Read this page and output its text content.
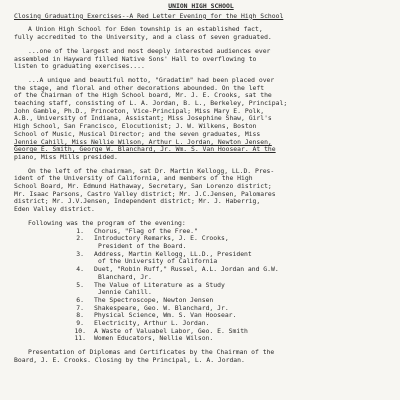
UNION HIGH SCHOOL
Closing Graduating Exercises--A Red Letter Evening for the High School

A Union High School for Eden township is an established fact,
fully accredited to the University, and a class of seven graduated.

...one of the largest and most deeply interested audiences ever
assembled in Hayward filled Native Sons' Hall to overflowing to
listen to graduating exercises....

...A unique and beautiful motto, "Gradatim" had been placed over
the stage, and floral and other decorations abounded. On the left
of the Chairman of the High School board, Mr. J. E. Crooks, sat the
teaching staff, consisting of L. A. Jordan, B. L., Berkeley, Principal;
John Gamble, Ph.D., Princeton, Vice-Principal; Miss Mary E. Polk,
A.B., University of Indiana, Assistant; Miss Josephine Shaw, Girl's
High School, San Francisco, Elocutionist; J. W. Wilkens, Boston
School of Music, Musical Director; and the seven graduates, Miss
Jennie Cahill, Miss Nellie Wilson, Arthur L. Jordan, Newton Jensen,
George E. Smith, George W. Blanchard, Jr. Wm. S. Van Hoosear. At the
piano, Miss Mills presided.

On the left of the chairman, sat Dr. Martin Kellogg, LL.D. Pres-
ident of the University of California, and members of the High
School Board, Mr. Edmund Hathaway, Secretary, San Lorenzo district;
Mr. Isaac Parsons, Castro Valley district; Mr. J.C.Jensen, Palomares
district; Mr. J.V.Jensen, Independent district; Mr. J. Haberrig,
Eden Valley district.

Following was the program of the evening:
1. Chorus, "Flag of the Free."
2. Introductory Remarks, J. E. Crooks,
President of the Board.
3. Address, Martin Kellogg, LL.D., President
of the University of California
4. Duet, "Robin Ruff," Russel, A.L. Jordan and G.W.
Blanchard, Jr.
5. The Value of Literature as a Study
Jennie Cahill.
6. The Spectroscope, Newton Jensen
7. Shakespeare, Geo. W. Blanchard, Jr.
8. Physical Science, Wm. S. Van Hoosear.
9. Electricity, Arthur L. Jordan.
10. A Waste of Valuabel Labor, Geo. E. Smith
11. Women Educators, Nellie Wilson.

Presentation of Diplomas and Certificates by the Chairman of the
Board, J. E. Crooks. Closing by the Principal, L. A. Jordan.
